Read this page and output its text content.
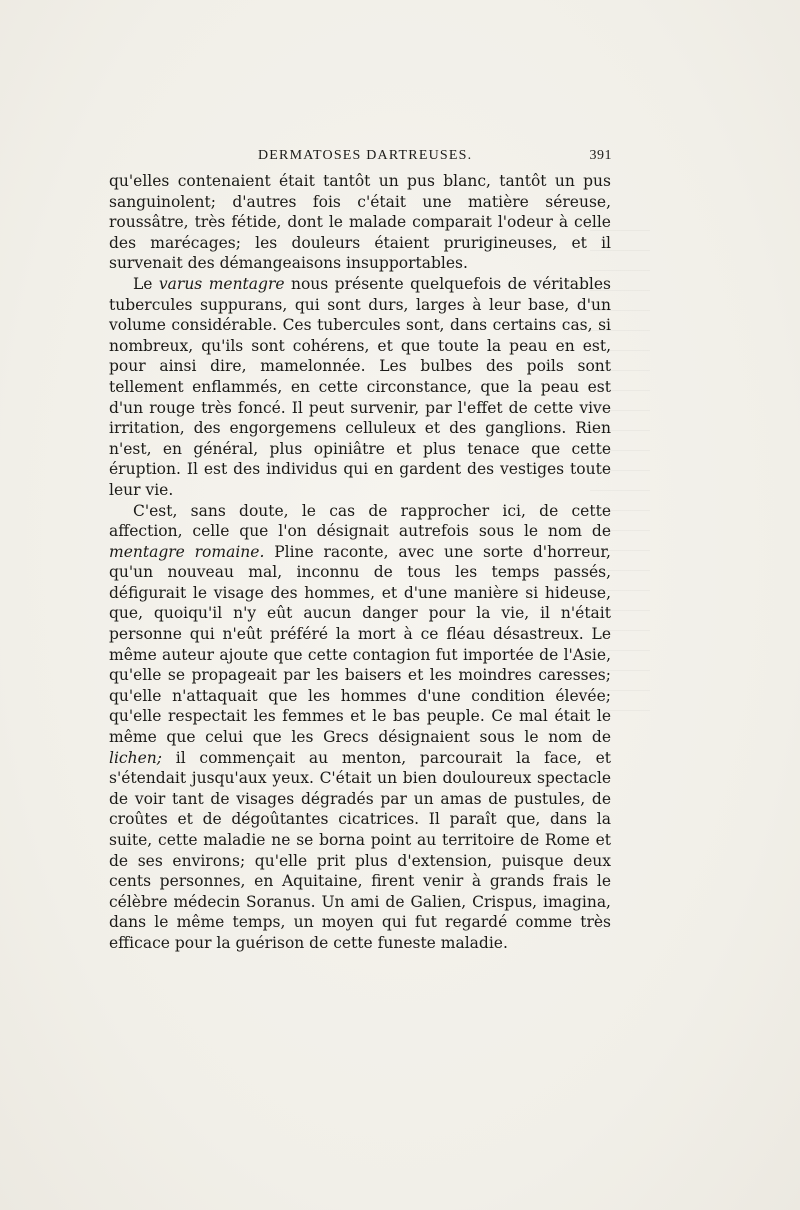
DERMATOSES DARTREUSES.	391

qu'elles contenaient était tantôt un pus blanc, tantôt un pus sanguinolent; d'autres fois c'était une matière séreuse, roussâtre, très fétide, dont le malade comparait l'odeur à celle des marécages; les douleurs étaient prurigineuses, et il survenait des démangeaisons insupportables.

Le varus mentagre nous présente quelquefois de véritables tubercules suppurans, qui sont durs, larges à leur base, d'un volume considérable. Ces tubercules sont, dans certains cas, si nombreux, qu'ils sont cohérens, et que toute la peau en est, pour ainsi dire, mamelonnée. Les bulbes des poils sont tellement enflammés, en cette circonstance, que la peau est d'un rouge très foncé. Il peut survenir, par l'effet de cette vive irritation, des engorgemens celluleux et des ganglions. Rien n'est, en général, plus opiniâtre et plus tenace que cette éruption. Il est des individus qui en gardent des vestiges toute leur vie.

C'est, sans doute, le cas de rapprocher ici, de cette affection, celle que l'on désignait autrefois sous le nom de mentagre romaine. Pline raconte, avec une sorte d'horreur, qu'un nouveau mal, inconnu de tous les temps passés, défigurait le visage des hommes, et d'une manière si hideuse, que, quoiqu'il n'y eût aucun danger pour la vie, il n'était personne qui n'eût préféré la mort à ce fléau désastreux. Le même auteur ajoute que cette contagion fut importée de l'Asie, qu'elle se propageait par les baisers et les moindres caresses; qu'elle n'attaquait que les hommes d'une condition élevée; qu'elle respectait les femmes et le bas peuple. Ce mal était le même que celui que les Grecs désignaient sous le nom de lichen; il commençait au menton, parcourait la face, et s'étendait jusqu'aux yeux. C'était un bien douloureux spectacle de voir tant de visages dégradés par un amas de pustules, de croûtes et de dégoûtantes cicatrices. Il paraît que, dans la suite, cette maladie ne se borna point au territoire de Rome et de ses environs; qu'elle prit plus d'extension, puisque deux cents personnes, en Aquitaine, firent venir à grands frais le célèbre médecin Soranus. Un ami de Galien, Crispus, imagina, dans le même temps, un moyen qui fut regardé comme très efficace pour la guérison de cette funeste maladie.
